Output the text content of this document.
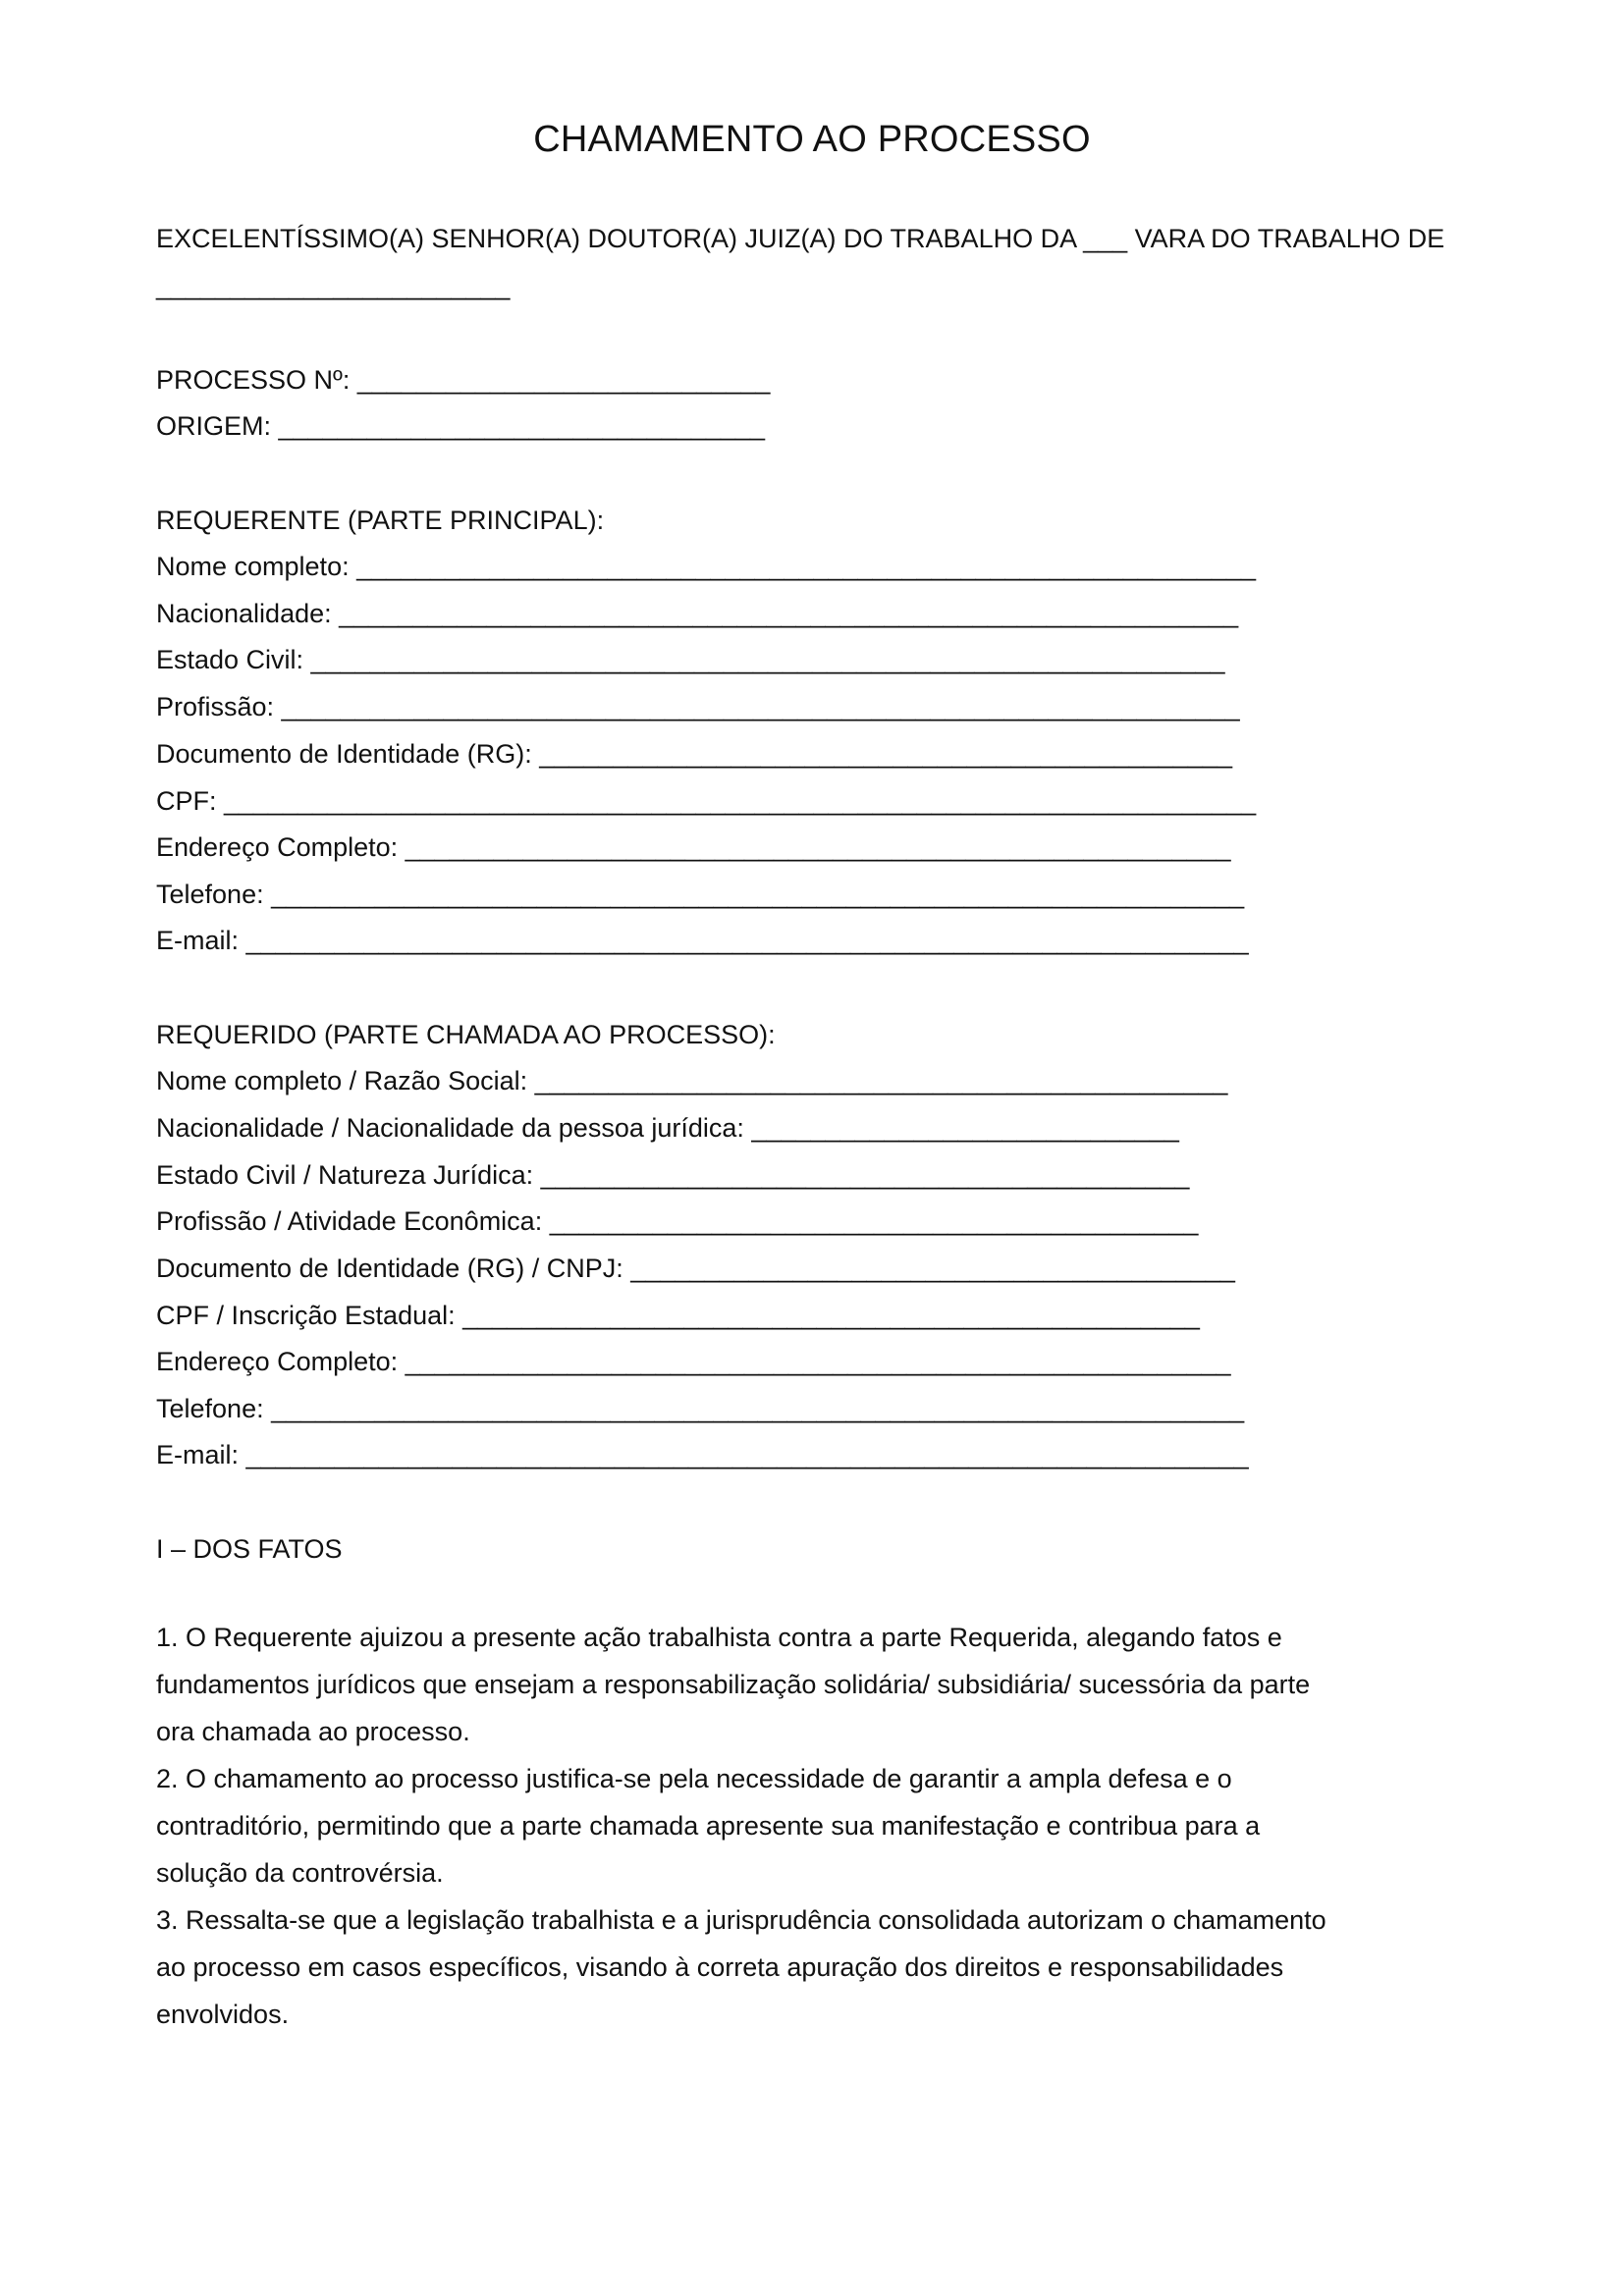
CHAMAMENTO AO PROCESSO
EXCELENTÍSSIMO(A) SENHOR(A) DOUTOR(A) JUIZ(A) DO TRABALHO DA ___ VARA DO TRABALHO DE
________________________
PROCESSO Nº: ____________________________
ORIGEM: _________________________________
REQUERENTE (PARTE PRINCIPAL):
Nome completo: _____________________________________________________________
Nacionalidade: _____________________________________________________________
Estado Civil: ______________________________________________________________
Profissão: _________________________________________________________________
Documento de Identidade (RG): _______________________________________________
CPF: ______________________________________________________________________
Endereço Completo: ________________________________________________________
Telefone: __________________________________________________________________
E-mail: ____________________________________________________________________
REQUERIDO (PARTE CHAMADA AO PROCESSO):
Nome completo / Razão Social: _______________________________________________
Nacionalidade / Nacionalidade da pessoa jurídica: _____________________________
Estado Civil / Natureza Jurídica: ____________________________________________
Profissão / Atividade Econômica: ____________________________________________
Documento de Identidade (RG) / CNPJ: _________________________________________
CPF / Inscrição Estadual: __________________________________________________
Endereço Completo: ________________________________________________________
Telefone: __________________________________________________________________
E-mail: ____________________________________________________________________
I – DOS FATOS

1. O Requerente ajuizou a presente ação trabalhista contra a parte Requerida, alegando fatos e fundamentos jurídicos que ensejam a responsabilização solidária/ subsidiária/ sucessória da parte ora chamada ao processo.

2. O chamamento ao processo justifica-se pela necessidade de garantir a ampla defesa e o contraditório, permitindo que a parte chamada apresente sua manifestação e contribua para a solução da controvérsia.

3. Ressalta-se que a legislação trabalhista e a jurisprudência consolidada autorizam o chamamento ao processo em casos específicos, visando à correta apuração dos direitos e responsabilidades envolvidos.
